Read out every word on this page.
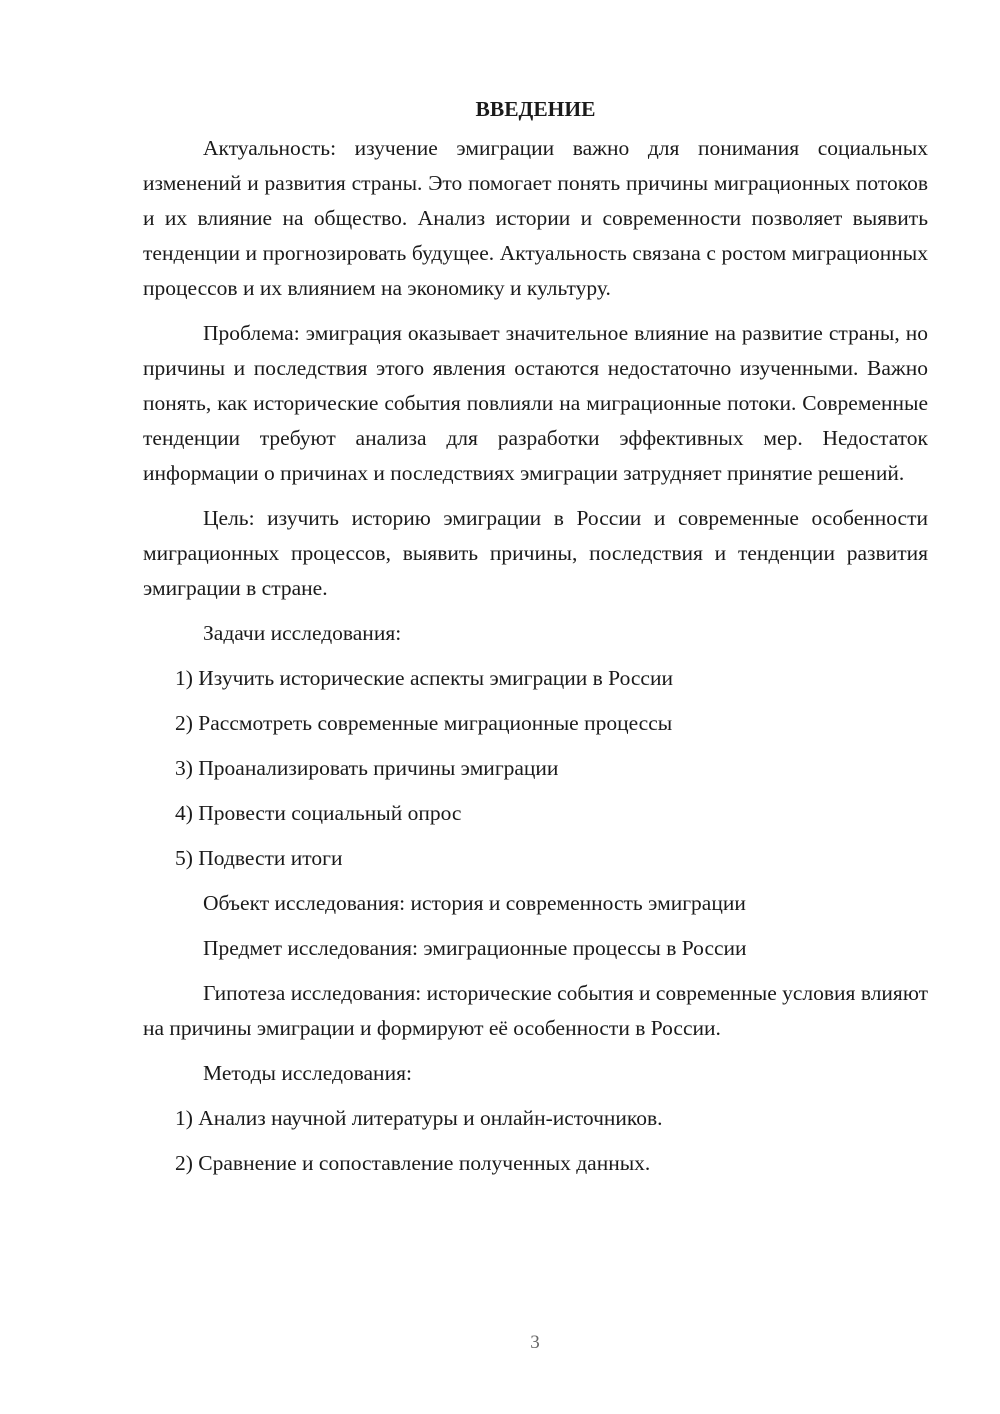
ВВЕДЕНИЕ

Актуальность: изучение эмиграции важно для понимания социальных изменений и развития страны. Это помогает понять причины миграционных потоков и их влияние на общество. Анализ истории и современности позволяет выявить тенденции и прогнозировать будущее. Актуальность связана с ростом миграционных процессов и их влиянием на экономику и культуру.

Проблема: эмиграция оказывает значительное влияние на развитие страны, но причины и последствия этого явления остаются недостаточно изученными. Важно понять, как исторические события повлияли на миграционные потоки. Современные тенденции требуют анализа для разработки эффективных мер. Недостаток информации о причинах и последствиях эмиграции затрудняет принятие решений.

Цель: изучить историю эмиграции в России и современные особенности миграционных процессов, выявить причины, последствия и тенденции развития эмиграции в стране.

Задачи исследования:
1) Изучить исторические аспекты эмиграции в России
2) Рассмотреть современные миграционные процессы
3) Проанализировать причины эмиграции
4) Провести социальный опрос
5) Подвести итоги
Объект исследования: история и современность эмиграции
Предмет исследования: эмиграционные процессы в России

Гипотеза исследования: исторические события и современные условия влияют на причины эмиграции и формируют её особенности в России.

Методы исследования:
1) Анализ научной литературы и онлайн-источников.
2) Сравнение и сопоставление полученных данных.
3
